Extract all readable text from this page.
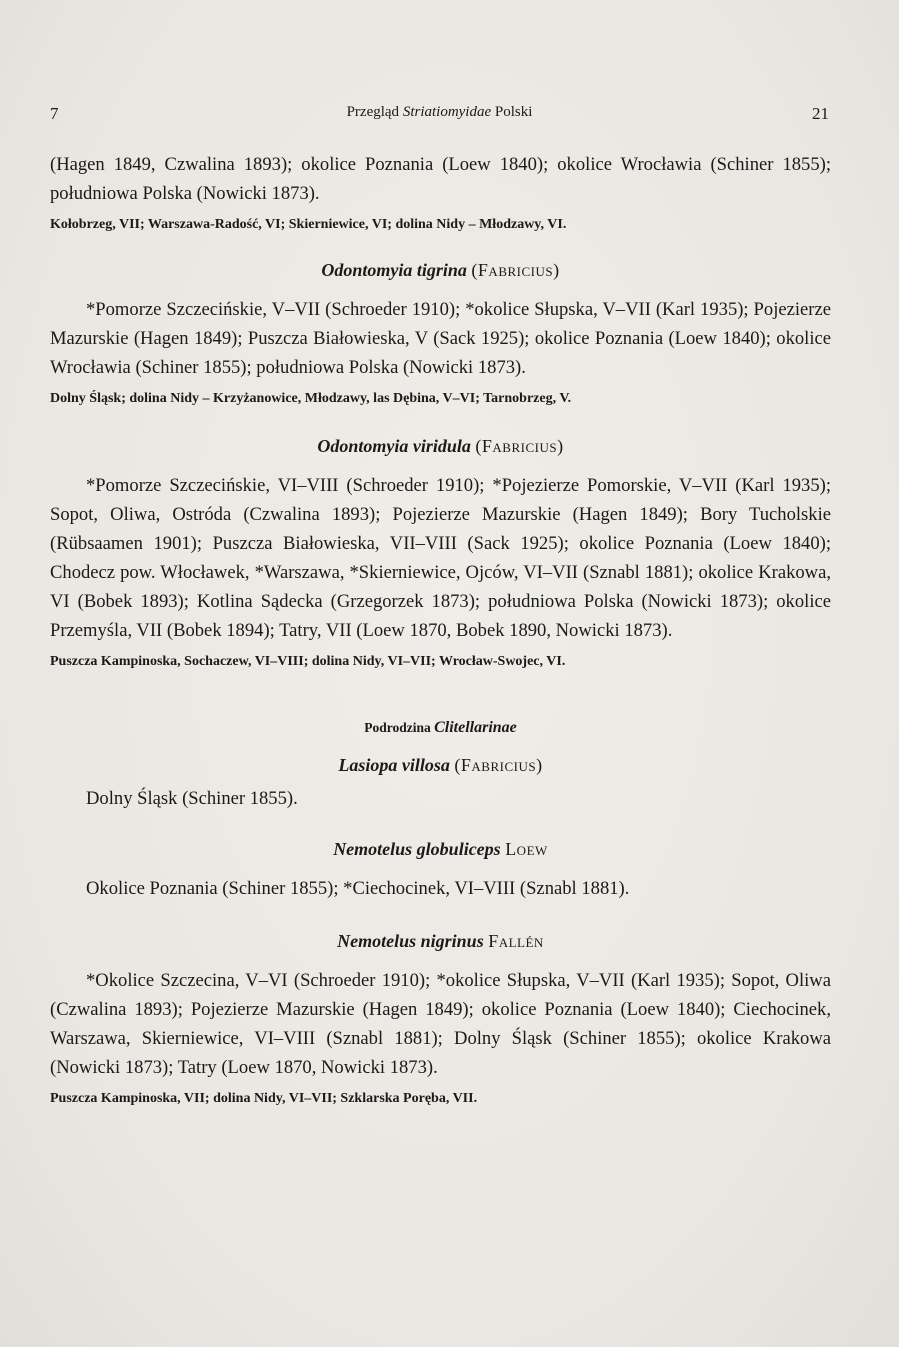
7	Przegląd Striatiomyidae Polski	21

(Hagen 1849, Czwalina 1893); okolice Poznania (Loew 1840); okolice Wrocławia (Schiner 1855); południowa Polska (Nowicki 1873).

Kołobrzeg, VII; Warszawa-Radość, VI; Skierniewice, VI; dolina Nidy – Młodzawy, VI.
Odontomyia tigrina (Fabricius)

*Pomorze Szczecińskie, V–VII (Schroeder 1910); *okolice Słupska, V–VII (Karl 1935); Pojezierze Mazurskie (Hagen 1849); Puszcza Białowieska, V (Sack 1925); okolice Poznania (Loew 1840); okolice Wrocławia (Schiner 1855); południowa Polska (Nowicki 1873).

Dolny Śląsk; dolina Nidy – Krzyżanowice, Młodzawy, las Dębina, V–VI; Tarnobrzeg, V.
Odontomyia viridula (Fabricius)

*Pomorze Szczecińskie, VI–VIII (Schroeder 1910); *Pojezierze Pomorskie, V–VII (Karl 1935); Sopot, Oliwa, Ostróda (Czwalina 1893); Pojezierze Mazurskie (Hagen 1849); Bory Tucholskie (Rübsaamen 1901); Puszcza Białowieska, VII–VIII (Sack 1925); okolice Poznania (Loew 1840); Chodecz pow. Włocławek, *Warszawa, *Skierniewice, Ojców, VI–VII (Sznabl 1881); okolice Krakowa, VI (Bobek 1893); Kotlina Sądecka (Grzegorzek 1873); południowa Polska (Nowicki 1873); okolice Przemyśla, VII (Bobek 1894); Tatry, VII (Loew 1870, Bobek 1890, Nowicki 1873).

Puszcza Kampinoska, Sochaczew, VI–VIII; dolina Nidy, VI–VII; Wrocław-Swojec, VI.
Podrodzina Clitellarinae
Lasiopa villosa (Fabricius)

Dolny Śląsk (Schiner 1855).

Nemotelus globuliceps Loew

Okolice Poznania (Schiner 1855); *Ciechocinek, VI–VIII (Sznabl 1881).

Nemotelus nigrinus Fallén

*Okolice Szczecina, V–VI (Schroeder 1910); *okolice Słupska, V–VII (Karl 1935); Sopot, Oliwa (Czwalina 1893); Pojezierze Mazurskie (Hagen 1849); okolice Poznania (Loew 1840); Ciechocinek, Warszawa, Skierniewice, VI–VIII (Sznabl 1881); Dolny Śląsk (Schiner 1855); okolice Krakowa (Nowicki 1873); Tatry (Loew 1870, Nowicki 1873).

Puszcza Kampinoska, VII; dolina Nidy, VI–VII; Szklarska Poręba, VII.
